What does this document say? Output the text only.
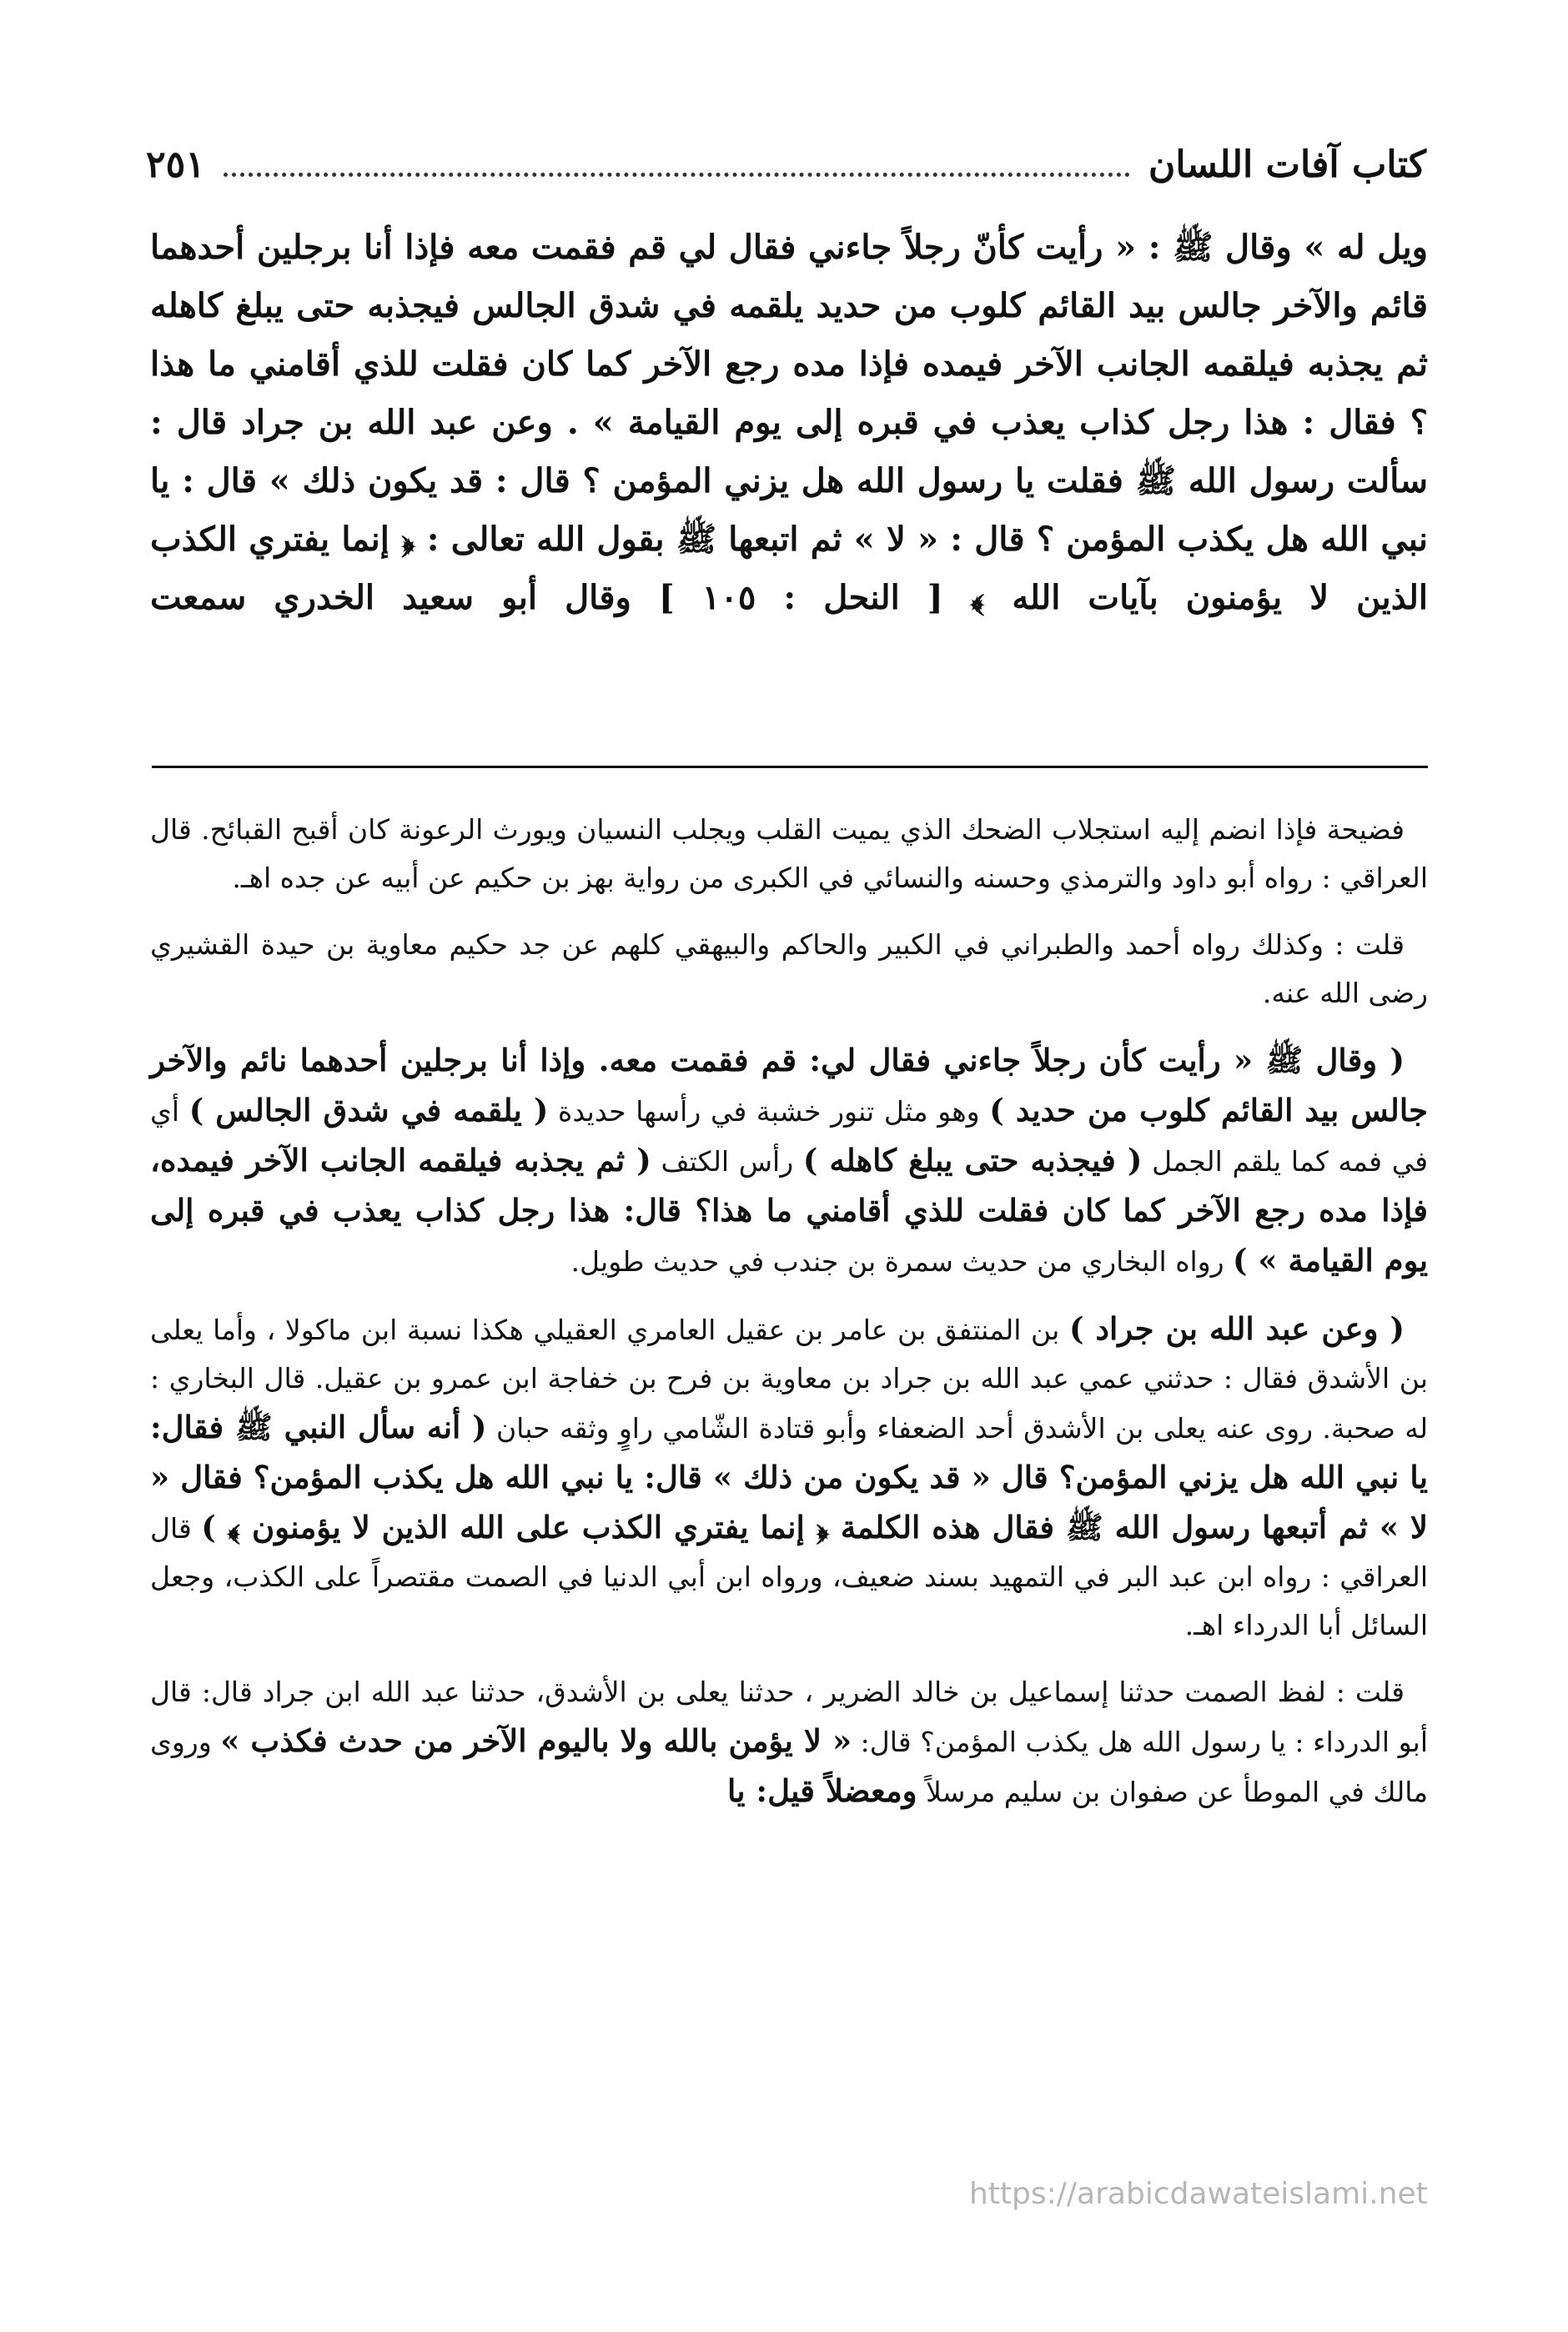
كتاب آفات اللسان
٢٥١

ويل له » وقال ﷺ : « رأيت كأنّ رجلاً جاءني فقال لي قم فقمت معه فإذا أنا برجلين أحدهما قائم والآخر جالس بيد القائم كلوب من حديد يلقمه في شدق الجالس فيجذبه حتى يبلغ كاهله ثم يجذبه فيلقمه الجانب الآخر فيمده فإذا مده رجع الآخر كما كان فقلت للذي أقامني ما هذا ؟ فقال : هذا رجل كذاب يعذب في قبره إلى يوم القيامة » . وعن عبد الله بن جراد قال : سألت رسول الله ﷺ فقلت يا رسول الله هل يزني المؤمن ؟ قال : قد يكون ذلك » قال : يا نبي الله هل يكذب المؤمن ؟ قال : « لا » ثم اتبعها ﷺ بقول الله تعالى : ﴿ إنما يفتري الكذب الذين لا يؤمنون بآيات الله ﴾ [ النحل : ١٠٥ ] وقال أبو سعيد الخدري سمعت

فضيحة فإذا انضم إليه استجلاب الضحك الذي يميت القلب ويجلب النسيان ويورث الرعونة كان أقبح القبائح. قال العراقي : رواه أبو داود والترمذي وحسنه والنسائي في الكبرى من رواية بهز بن حكيم عن أبيه عن جده اهـ.

قلت : وكذلك رواه أحمد والطبراني في الكبير والحاكم والبيهقي كلهم عن جد حكيم معاوية بن حيدة القشيري رضى الله عنه.

( وقال ﷺ « رأيت كأن رجلاً جاءني فقال لي: قم فقمت معه. وإذا أنا برجلين أحدهما نائم والآخر جالس بيد القائم كلوب من حديد ) وهو مثل تنور خشبة في رأسها حديدة ( يلقمه في شدق الجالس ) أي في فمه كما يلقم الجمل ( فيجذبه حتى يبلغ كاهله ) رأس الكتف ( ثم يجذبه فيلقمه الجانب الآخر فيمده، فإذا مده رجع الآخر كما كان فقلت للذي أقامني ما هذا؟ قال: هذا رجل كذاب يعذب في قبره إلى يوم القيامة » ) رواه البخاري من حديث سمرة بن جندب في حديث طويل.

( وعن عبد الله بن جراد ) بن المنتفق بن عامر بن عقيل العامري العقيلي هكذا نسبة ابن ماكولا ، وأما يعلى بن الأشدق فقال : حدثني عمي عبد الله بن جراد بن معاوية بن فرح بن خفاجة ابن عمرو بن عقيل. قال البخاري : له صحبة. روى عنه يعلى بن الأشدق أحد الضعفاء وأبو قتادة الشّامي راوٍ وثقه حبان ( أنه سأل النبي ﷺ فقال: يا نبي الله هل يزني المؤمن؟ قال « قد يكون من ذلك » قال: يا نبي الله هل يكذب المؤمن؟ فقال « لا » ثم أتبعها رسول الله ﷺ فقال هذه الكلمة ﴿ إنما يفتري الكذب على الله الذين لا يؤمنون ﴾ ) قال العراقي : رواه ابن عبد البر في التمهيد بسند ضعيف، ورواه ابن أبي الدنيا في الصمت مقتصراً على الكذب، وجعل السائل أبا الدرداء اهـ.

قلت : لفظ الصمت حدثنا إسماعيل بن خالد الضرير ، حدثنا يعلى بن الأشدق، حدثنا عبد الله ابن جراد قال: قال أبو الدرداء : يا رسول الله هل يكذب المؤمن؟ قال: « لا يؤمن بالله ولا باليوم الآخر من حدث فكذب » وروى مالك في الموطأ عن صفوان بن سليم مرسلاً ومعضلاً قيل: يا

https://arabicdawateislami.net
